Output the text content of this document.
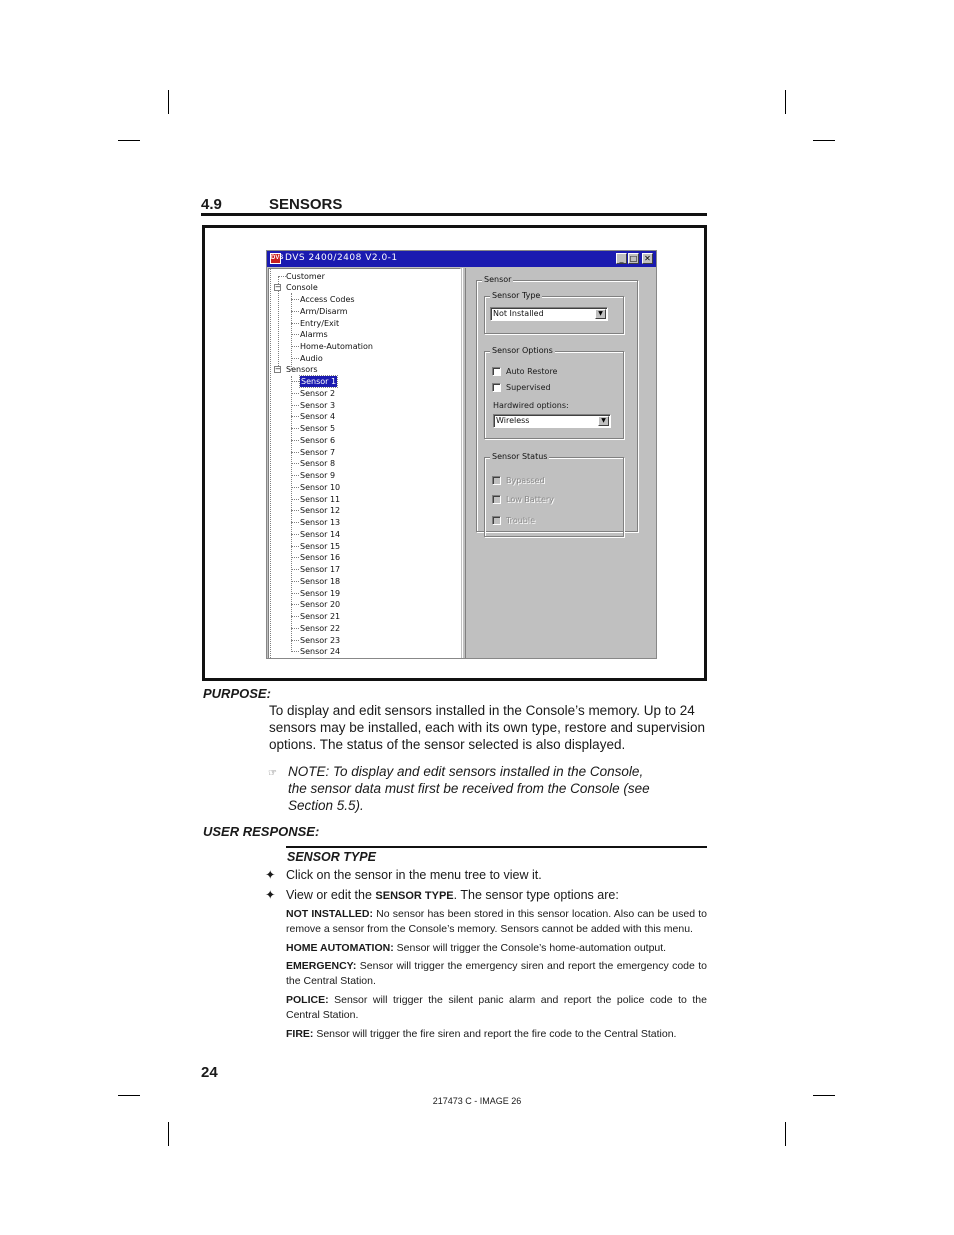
4.9	SENSORS
DVS DVS 2400/2408 V2.0-1	_ □ ✕
Customer
− Console
Access Codes
Arm/Disarm
Entry/Exit
Alarms
Home-Automation
Audio
− Sensors
Sensor 1
Sensor 2
Sensor 3
Sensor 4
Sensor 5
Sensor 6
Sensor 7
Sensor 8
Sensor 9
Sensor 10
Sensor 11
Sensor 12
Sensor 13
Sensor 14
Sensor 15
Sensor 16
Sensor 17
Sensor 18
Sensor 19
Sensor 20
Sensor 21
Sensor 22
Sensor 23
Sensor 24
Sensor
Sensor Type
Not Installed	▼
Sensor Options
Auto Restore
Supervised
Hardwired options:
Wireless	▼
Sensor Status
Bypassed
Low Battery
Trouble
PURPOSE:
To display and edit sensors installed in the Console’s memory. Up to 24
sensors may be installed, each with its own type, restore and supervision
options. The status of the sensor selected is also displayed.
☞ NOTE: To display and edit sensors installed in the Console,
the sensor data must first be received from the Console (see
Section 5.5).
USER RESPONSE:
SENSOR TYPE
✦ Click on the sensor in the menu tree to view it.
✦ View or edit the SENSOR TYPE. The sensor type options are:
NOT INSTALLED: No sensor has been stored in this sensor location. Also can be used to remove a sensor from the Console’s memory. Sensors cannot be added with this menu.
HOME AUTOMATION: Sensor will trigger the Console’s home-automation output.
EMERGENCY: Sensor will trigger the emergency siren and report the emergency code to the Central Station.
POLICE: Sensor will trigger the silent panic alarm and report the police code to the Central Station.
FIRE: Sensor will trigger the fire siren and report the fire code to the Central Station.
24
217473 C - IMAGE 26
